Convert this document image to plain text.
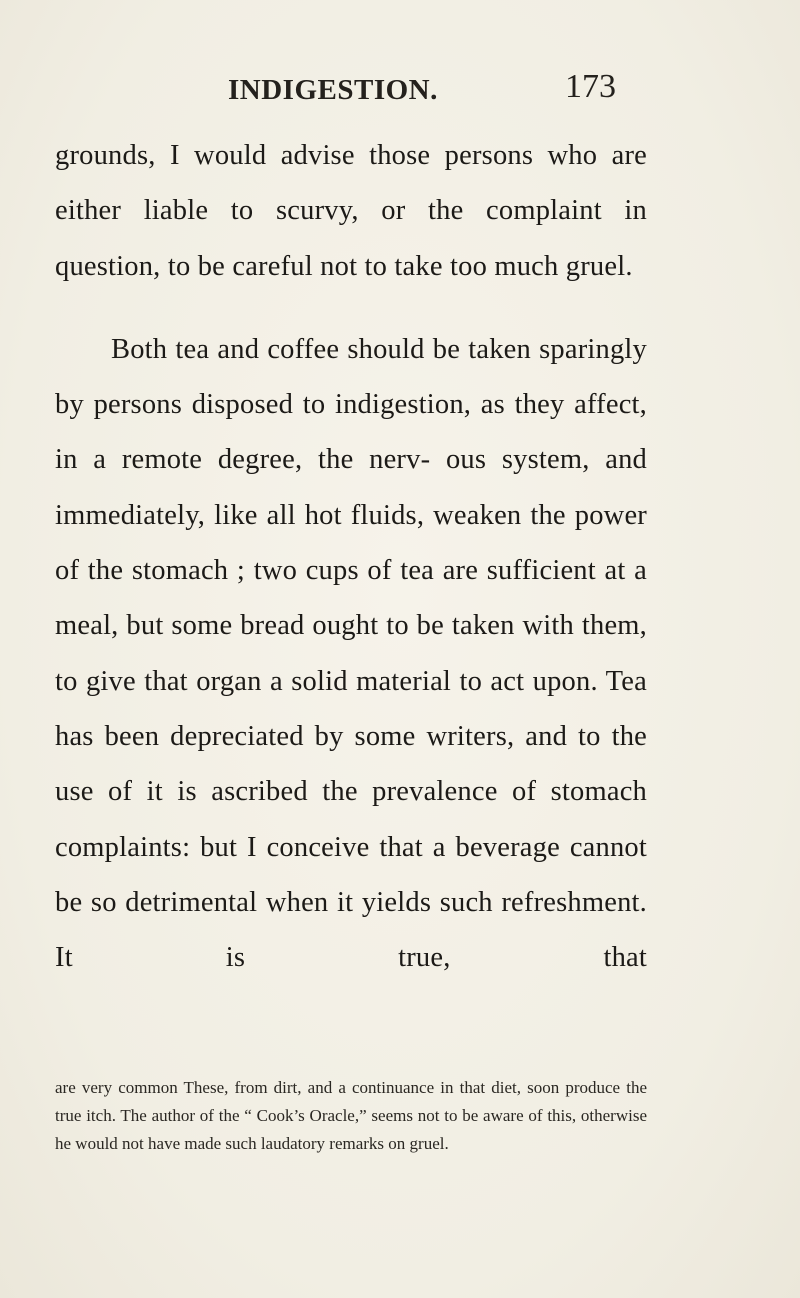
INDIGESTION.	173

grounds, I would advise those persons who are either liable to scurvy, or the complaint in question, to be careful not to take too much gruel.

Both tea and coffee should be taken sparingly by persons disposed to indigestion, as they affect, in a remote degree, the nerv- ous system, and immediately, like all hot fluids, weaken the power of the stomach ; two cups of tea are sufficient at a meal, but some bread ought to be taken with them, to give that organ a solid material to act upon. Tea has been depreciated by some writers, and to the use of it is ascribed the prevalence of stomach complaints: but I conceive that a beverage cannot be so detrimental when it yields such refreshment. It is true, that

are very common These, from dirt, and a continuance in that diet, soon produce the true itch. The author of the “ Cook’s Oracle,” seems not to be aware of this, otherwise he would not have made such laudatory remarks on gruel.
